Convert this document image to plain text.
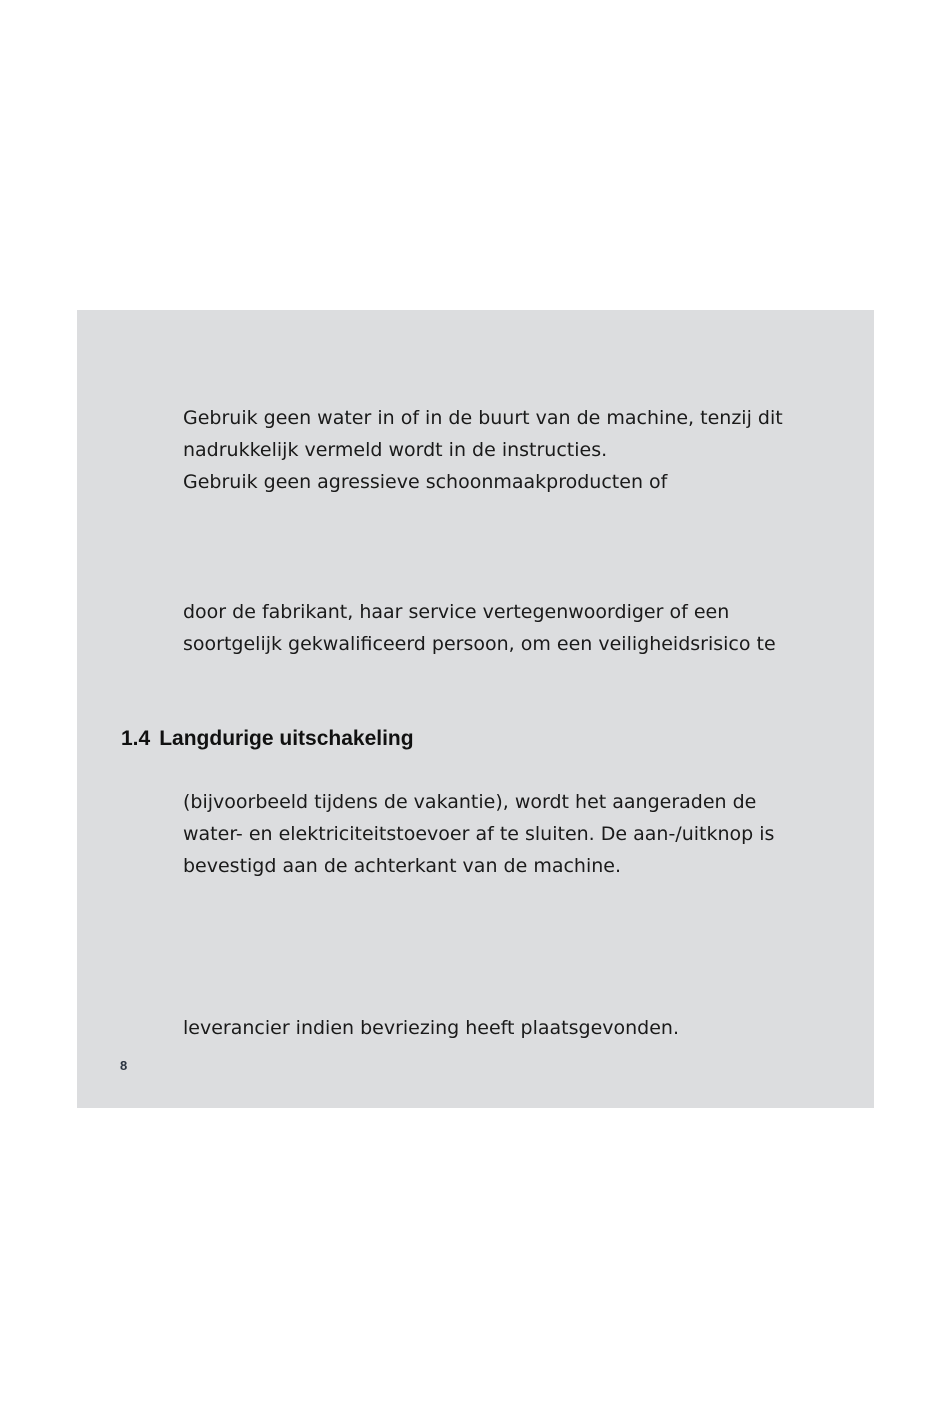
Gebruik geen water in of in de buurt van de machine, tenzij dit
nadrukkelijk vermeld wordt in de instructies.
Gebruik geen agressieve schoonmaakproducten of
door de fabrikant, haar service vertegenwoordiger of een
soortgelijk gekwalificeerd persoon, om een veiligheidsrisico te
1.4 Langdurige uitschakeling
(bijvoorbeeld tijdens de vakantie), wordt het aangeraden de
water- en elektriciteitstoevoer af te sluiten. De aan-/uitknop is
bevestigd aan de achterkant van de machine.
leverancier indien bevriezing heeft plaatsgevonden.
8
